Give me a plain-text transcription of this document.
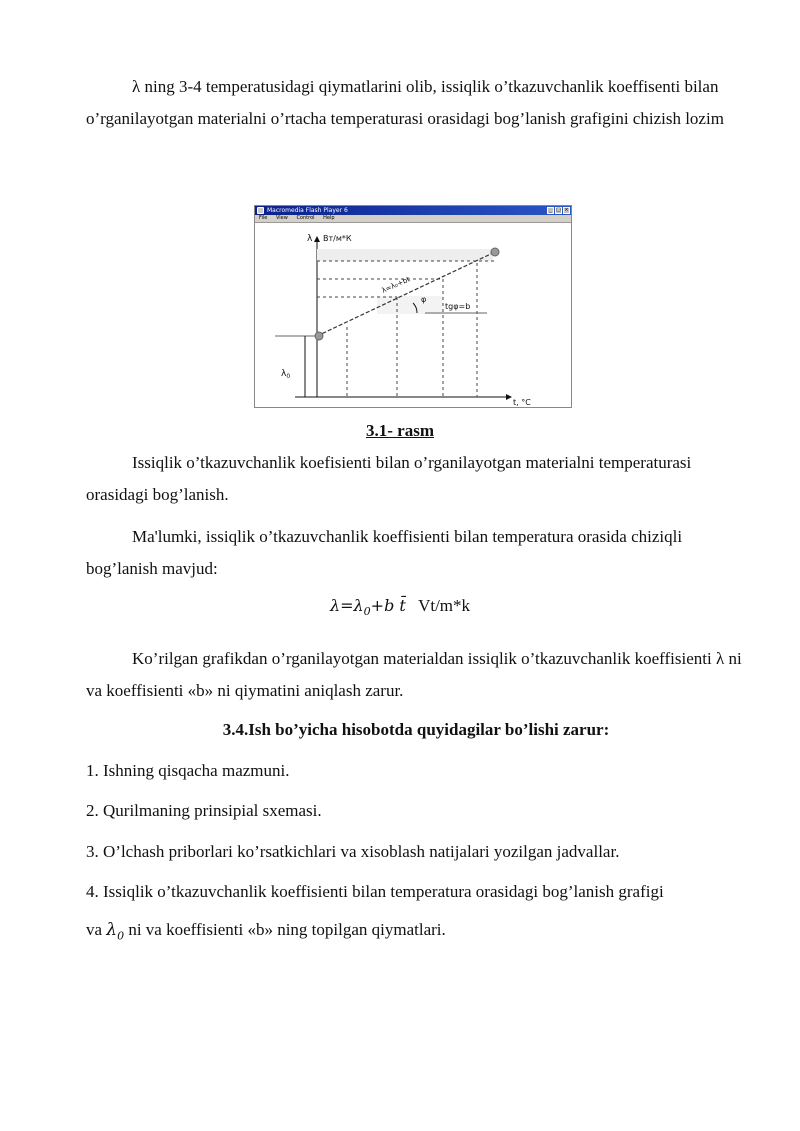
λ ning 3-4 temperatusidagi qiymatlarini olib, issiqlik o’tkazuvchanlik koeffisenti bilan o’rganilayotgan materialni o’rtacha temperaturasi orasidagi bog’lanish grafigini chizish lozim

Macromedia Flash Player 6	_ □ ×
File View Control Help
λ Вт/м*К
t, °C
$\lambda_0$
λ=λ₀+bt
φ
tgφ=b
3.1- rasm

Issiqlik o’tkazuvchanlik koefisienti bilan o’rganilayotgan materialni temperaturasi orasidagi bog’lanish.

Ma'lumki, issiqlik o’tkazuvchanlik koeffisienti bilan temperatura orasida chiziqli bog’lanish mavjud:

$\lambda=\lambda_0+b$ t̄ Vt/m*k

Ko’rilgan grafikdan o’rganilayotgan materialdan issiqlik o’tkazuvchanlik koeffisienti λ ni va koeffisienti «b» ni qiymatini aniqlash zarur.

3.4.Ish bo’yicha hisobotda quyidagilar bo’lishi zarur:

1. Ishning qisqacha mazmuni.

2. Qurilmaning prinsipial sxemasi.

3. O’lchash priborlari ko’rsatkichlari va xisoblash natijalari yozilgan jadvallar.

4. Issiqlik o’tkazuvchanlik koeffisienti bilan temperatura orasidagi bog’lanish grafigi

va $\lambda_0$ ni va koeffisienti «b» ning topilgan qiymatlari.
